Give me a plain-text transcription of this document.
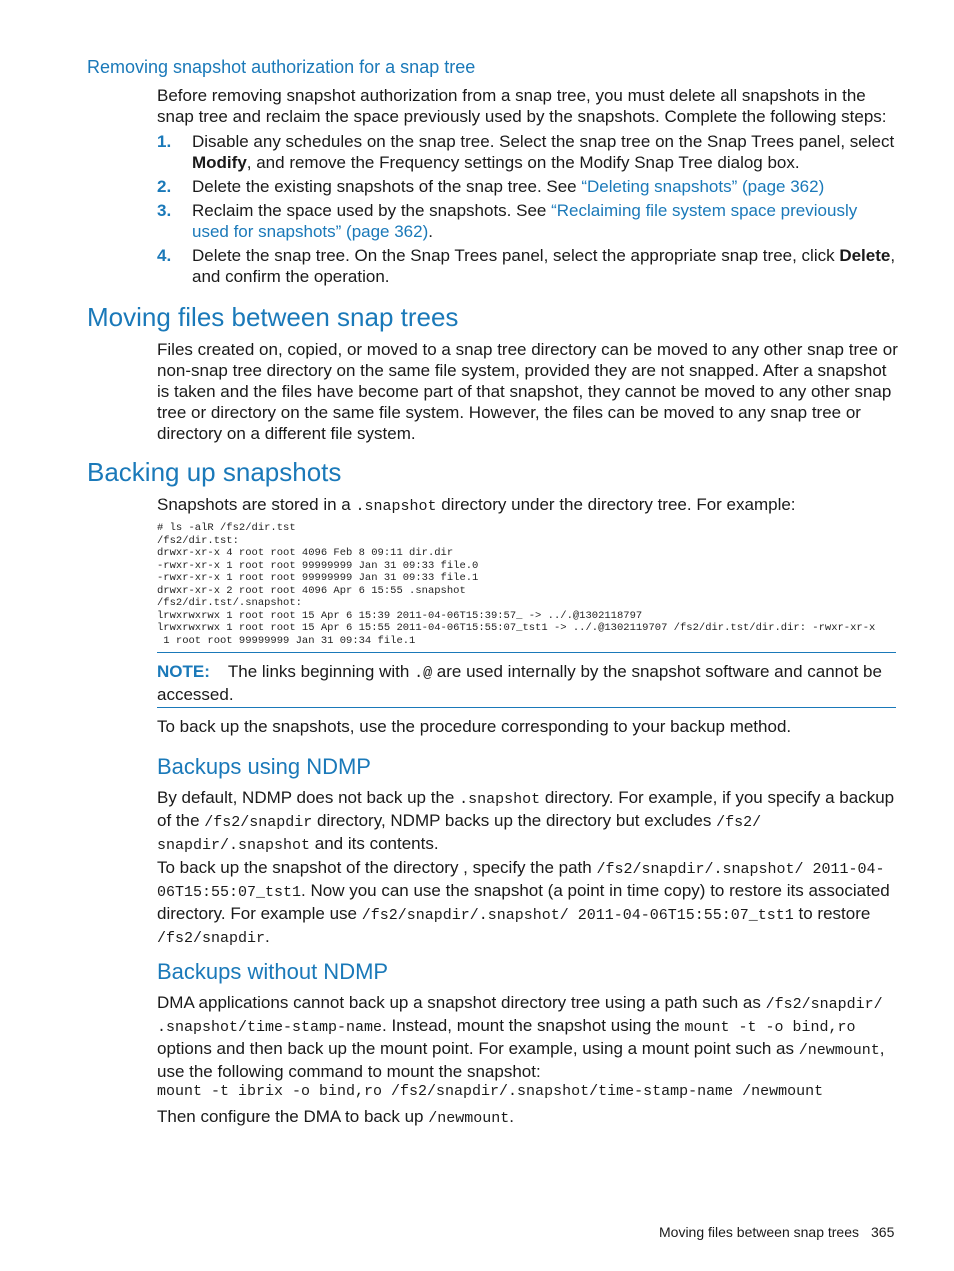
Removing snapshot authorization for a snap tree
Before removing snapshot authorization from a snap tree, you must delete all snapshots in the snap tree and reclaim the space previously used by the snapshots. Complete the following steps:
1. Disable any schedules on the snap tree. Select the snap tree on the Snap Trees panel, select Modify, and remove the Frequency settings on the Modify Snap Tree dialog box.
2. Delete the existing snapshots of the snap tree. See “Deleting snapshots” (page 362)
3. Reclaim the space used by the snapshots. See “Reclaiming file system space previously used for snapshots” (page 362).
4. Delete the snap tree. On the Snap Trees panel, select the appropriate snap tree, click Delete, and confirm the operation.
Moving files between snap trees
Files created on, copied, or moved to a snap tree directory can be moved to any other snap tree or non-snap tree directory on the same file system, provided they are not snapped. After a snapshot is taken and the files have become part of that snapshot, they cannot be moved to any other snap tree or directory on the same file system. However, the files can be moved to any snap tree or directory on a different file system.
Backing up snapshots
Snapshots are stored in a .snapshot directory under the directory tree. For example:
# ls -alR /fs2/dir.tst
/fs2/dir.tst:
drwxr-xr-x 4 root root 4096 Feb 8 09:11 dir.dir
-rwxr-xr-x 1 root root 99999999 Jan 31 09:33 file.0
-rwxr-xr-x 1 root root 99999999 Jan 31 09:33 file.1
drwxr-xr-x 2 root root 4096 Apr 6 15:55 .snapshot
/fs2/dir.tst/.snapshot:
lrwxrwxrwx 1 root root 15 Apr 6 15:39 2011-04-06T15:39:57_ -> ../.@1302118797
lrwxrwxrwx 1 root root 15 Apr 6 15:55 2011-04-06T15:55:07_tst1 -> ../.@1302119707 /fs2/dir.tst/dir.dir: -rwxr-xr-x
1 root root 99999999 Jan 31 09:34 file.1
NOTE: The links beginning with .@ are used internally by the snapshot software and cannot be accessed.
To back up the snapshots, use the procedure corresponding to your backup method.
Backups using NDMP
By default, NDMP does not back up the .snapshot directory. For example, if you specify a backup of the /fs2/snapdir directory, NDMP backs up the directory but excludes /fs2/ snapdir/.snapshot and its contents.
To back up the snapshot of the directory , specify the path /fs2/snapdir/.snapshot/ 2011-04-06T15:55:07_tst1. Now you can use the snapshot (a point in time copy) to restore its associated directory. For example use /fs2/snapdir/.snapshot/ 2011-04-06T15:55:07_tst1 to restore /fs2/snapdir.
Backups without NDMP
DMA applications cannot back up a snapshot directory tree using a path such as /fs2/snapdir/ .snapshot/time-stamp-name. Instead, mount the snapshot using the mount -t -o bind,ro options and then back up the mount point. For example, using a mount point such as /newmount, use the following command to mount the snapshot:
mount -t ibrix -o bind,ro /fs2/snapdir/.snapshot/time-stamp-name /newmount
Then configure the DMA to back up /newmount.
Moving files between snap trees 365
